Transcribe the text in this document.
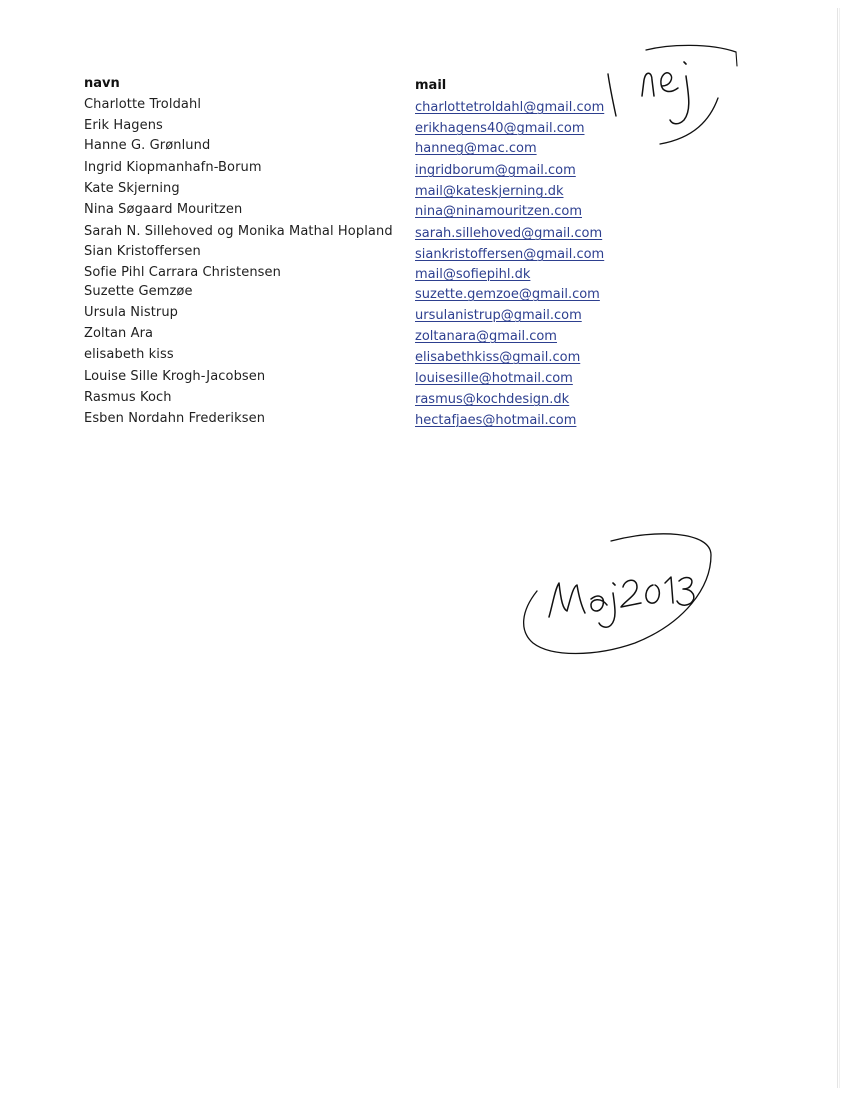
navn	mail
Charlotte Troldahl	charlottetroldahl@gmail.com
Erik Hagens	erikhagens40@gmail.com
Hanne G. Grønlund	hanneg@mac.com
Ingrid Kiopmanhafn-Borum	ingridborum@gmail.com
Kate Skjerning	mail@kateskjerning.dk
Nina Søgaard Mouritzen	nina@ninamouritzen.com
Sarah N. Sillehoved og Monika Mathal Hopland sarah.sillehoved@gmail.com
Sian Kristoffersen	siankristoffersen@gmail.com
Sofie Pihl Carrara Christensen	mail@sofiepihl.dk
Suzette Gemzøe	suzette.gemzoe@gmail.com
Ursula Nistrup	ursulanistrup@gmail.com
Zoltan Ara	zoltanara@gmail.com
elisabeth kiss	elisabethkiss@gmail.com
Louise Sille Krogh-Jacobsen	louisesille@hotmail.com
Rasmus Koch	rasmus@kochdesign.dk
Esben Nordahn Frederiksen	hectafjaes@hotmail.com
